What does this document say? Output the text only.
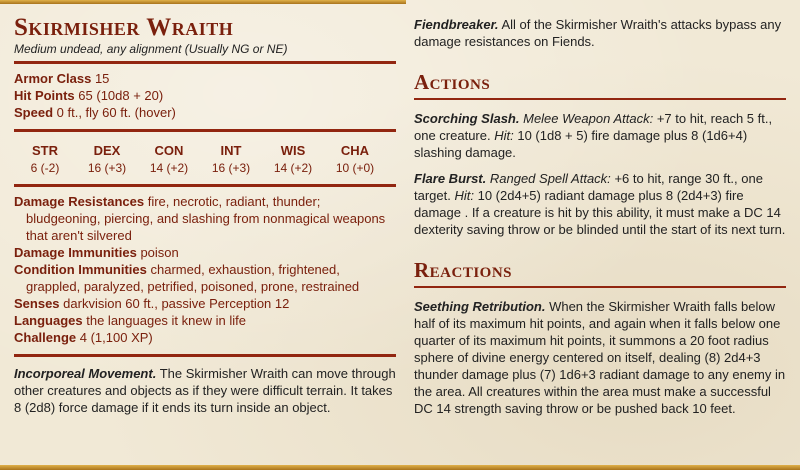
Skirmisher Wraith

Medium undead, any alignment (Usually NG or NE)

Armor Class 15
Hit Points 65 (10d8 + 20)
Speed 0 ft., fly 60 ft. (hover)
STR
6 (-2)
DEX
16 (+3)
CON
14 (+2)
INT
16 (+3)
WIS
14 (+2)
CHA
10 (+0)
Damage Resistances fire, necrotic, radiant, thunder; bludgeoning, piercing, and slashing from nonmagical weapons that aren't silvered
Damage Immunities poison
Condition Immunities charmed, exhaustion, frightened, grappled, paralyzed, petrified, poisoned, prone, restrained
Senses darkvision 60 ft., passive Perception 12
Languages the languages it knew in life
Challenge 4 (1,100 XP)

Incorporeal Movement. The Skirmisher Wraith can move through other creatures and objects as if they were difficult terrain. It takes 8 (2d8) force damage if it ends its turn inside an object.

Fiendbreaker. All of the Skirmisher Wraith's attacks bypass any damage resistances on Fiends.

Actions

Scorching Slash. Melee Weapon Attack: +7 to hit, reach 5 ft., one creature. Hit: 10 (1d8 + 5) fire damage plus 8 (1d6+4) slashing damage.

Flare Burst. Ranged Spell Attack: +6 to hit, range 30 ft., one target. Hit: 10 (2d4+5) radiant damage plus 8 (2d4+3) fire damage . If a creature is hit by this ability, it must make a DC 14 dexterity saving throw or be blinded until the start of its next turn.

Reactions

Seething Retribution. When the Skirmisher Wraith falls below half of its maximum hit points, and again when it falls below one quarter of its maximum hit points, it summons a 20 foot radius sphere of divine energy centered on itself, dealing (8) 2d4+3 thunder damage plus (7) 1d6+3 radiant damage to any enemy in the area. All creatures within the area must make a successful DC 14 strength saving throw or be pushed back 10 feet.
